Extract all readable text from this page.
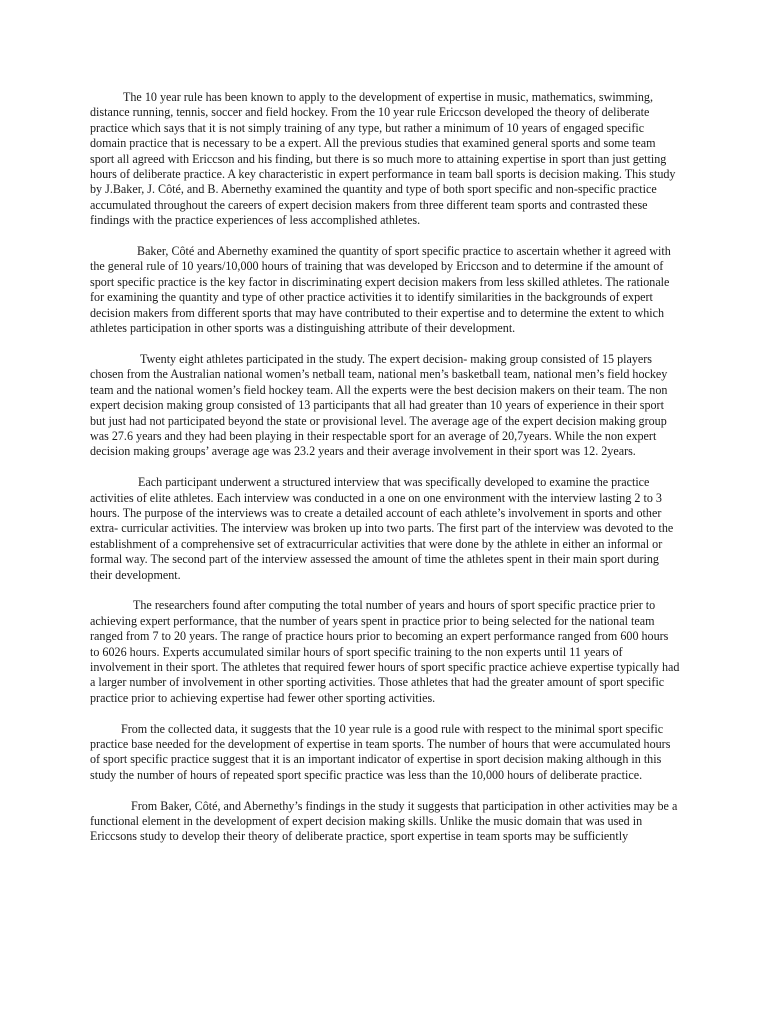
The 10 year rule has been known to apply to the development of expertise in music, mathematics, swimming, distance running, tennis, soccer and field hockey. From the 10 year rule Ericcson developed the theory of deliberate practice which says that it is not simply training of any type, but rather a minimum of 10 years of engaged specific domain practice that is necessary to be a expert. All the previous studies that examined general sports and some team sport all agreed with Ericcson and his finding, but there is so much more to attaining expertise in sport than just getting hours of deliberate practice. A key characteristic in expert performance in team ball sports is decision making. This study by J.Baker, J. Côté, and B. Abernethy examined the quantity and type of both sport specific and non-specific practice accumulated throughout the careers of expert decision makers from three different team sports and contrasted these findings with the practice experiences of less accomplished athletes.

Baker, Côté and Abernethy examined the quantity of sport specific practice to ascertain whether it agreed with the general rule of 10 years/10,000 hours of training that was developed by Ericcson and to determine if the amount of sport specific practice is the key factor in discriminating expert decision makers from less skilled athletes. The rationale for examining the quantity and type of other practice activities it to identify similarities in the backgrounds of expert decision makers from different sports that may have contributed to their expertise and to determine the extent to which athletes participation in other sports was a distinguishing attribute of their development.

Twenty eight athletes participated in the study. The expert decision- making group consisted of 15 players chosen from the Australian national women’s netball team, national men’s basketball team, national men’s field hockey team and the national women’s field hockey team. All the experts were the best decision makers on their team. The non expert decision making group consisted of 13 participants that all had greater than 10 years of experience in their sport but just had not participated beyond the state or provisional level. The average age of the expert decision making group was 27.6 years and they had been playing in their respectable sport for an average of 20,7years. While the non expert decision making groups’ average age was 23.2 years and their average involvement in their sport was 12. 2years.

Each participant underwent a structured interview that was specifically developed to examine the practice activities of elite athletes. Each interview was conducted in a one on one environment with the interview lasting 2 to 3 hours. The purpose of the interviews was to create a detailed account of each athlete’s involvement in sports and other extra- curricular activities. The interview was broken up into two parts. The first part of the interview was devoted to the establishment of a comprehensive set of extracurricular activities that were done by the athlete in either an informal or formal way. The second part of the interview assessed the amount of time the athletes spent in their main sport during their development.

The researchers found after computing the total number of years and hours of sport specific practice prier to achieving expert performance, that the number of years spent in practice prior to being selected for the national team ranged from 7 to 20 years. The range of practice hours prior to becoming an expert performance ranged from 600 hours to 6026 hours. Experts accumulated similar hours of sport specific training to the non experts until 11 years of involvement in their sport. The athletes that required fewer hours of sport specific practice achieve expertise typically had a larger number of involvement in other sporting activities. Those athletes that had the greater amount of sport specific practice prior to achieving expertise had fewer other sporting activities.

From the collected data, it suggests that the 10 year rule is a good rule with respect to the minimal sport specific practice base needed for the development of expertise in team sports. The number of hours that were accumulated hours of sport specific practice suggest that it is an important indicator of expertise in sport decision making although in this study the number of hours of repeated sport specific practice was less than the 10,000 hours of deliberate practice.

From Baker, Côté, and Abernethy’s findings in the study it suggests that participation in other activities may be a functional element in the development of expert decision making skills. Unlike the music domain that was used in Ericcsons study to develop their theory of deliberate practice, sport expertise in team sports may be sufficiently
